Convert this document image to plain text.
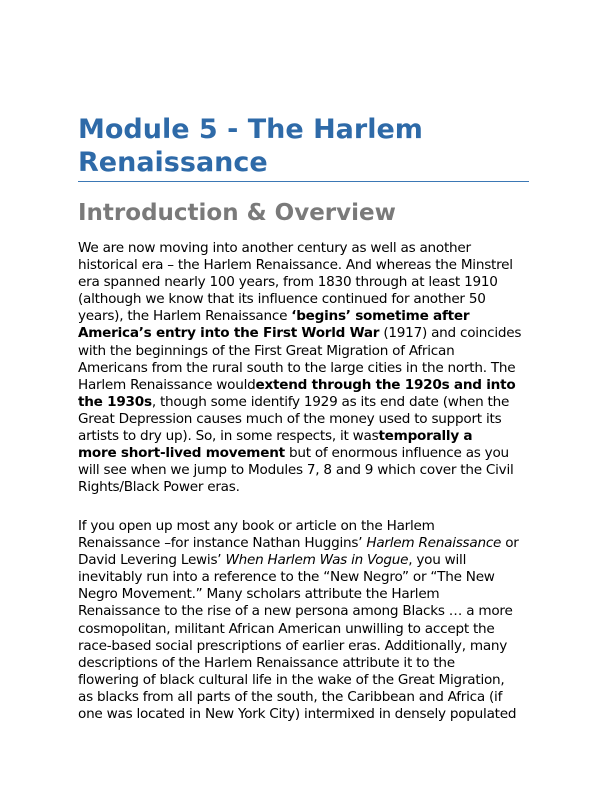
Module 5 - The Harlem
Renaissance
Introduction & Overview

We are now moving into another century as well as another
historical era – the Harlem Renaissance. And whereas the Minstrel
era spanned nearly 100 years, from 1830 through at least 1910
(although we know that its influence continued for another 50
years), the Harlem Renaissance ‘begins’ sometime after
America’s entry into the First World War (1917) and coincides
with the beginnings of the First Great Migration of African
Americans from the rural south to the large cities in the north. The
Harlem Renaissance wouldextend through the 1920s and into
the 1930s, though some identify 1929 as its end date (when the
Great Depression causes much of the money used to support its
artists to dry up). So, in some respects, it wastemporally a
more short-lived movement but of enormous influence as you
will see when we jump to Modules 7, 8 and 9 which cover the Civil
Rights/Black Power eras.

If you open up most any book or article on the Harlem
Renaissance –for instance Nathan Huggins’ Harlem Renaissance or
David Levering Lewis’ When Harlem Was in Vogue, you will
inevitably run into a reference to the “New Negro” or “The New
Negro Movement.” Many scholars attribute the Harlem
Renaissance to the rise of a new persona among Blacks … a more
cosmopolitan, militant African American unwilling to accept the
race-based social prescriptions of earlier eras. Additionally, many
descriptions of the Harlem Renaissance attribute it to the
flowering of black cultural life in the wake of the Great Migration,
as blacks from all parts of the south, the Caribbean and Africa (if
one was located in New York City) intermixed in densely populated
